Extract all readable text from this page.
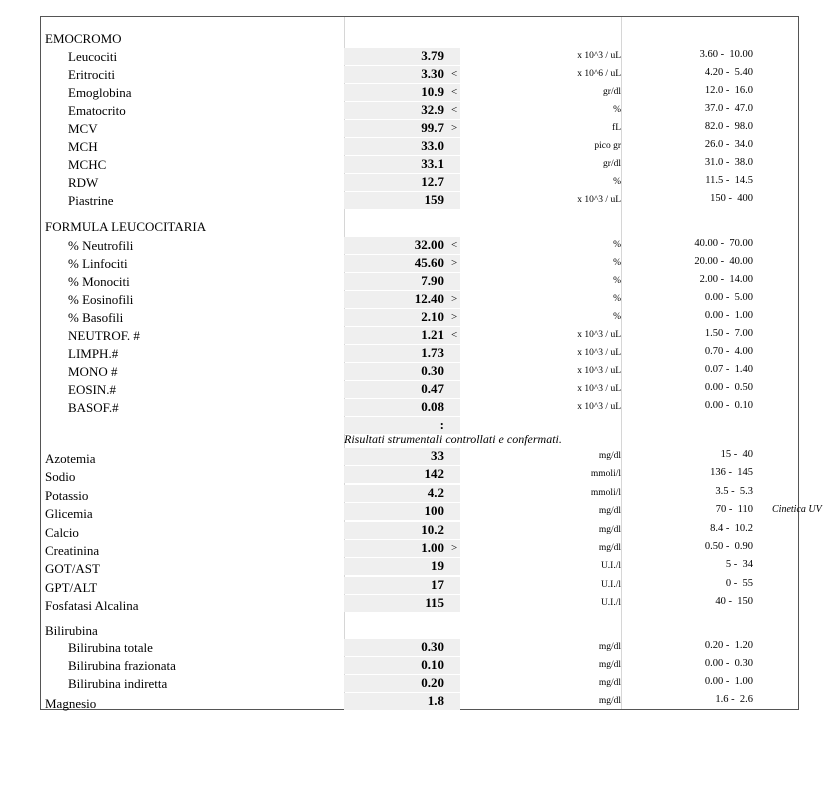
EMOCROMO
Leucociti	3.79	x 10^3 / uL	3.60 -  10.00
Eritrociti	3.30 <	x 10^6 / uL	4.20 -  5.40
Emoglobina	10.9 <	gr/dl	12.0 -  16.0
Ematocrito	32.9 <	%	37.0 -  47.0
MCV	99.7 >	fL	82.0 -  98.0
MCH	33.0	pico gr	26.0 -  34.0
MCHC	33.1	gr/dl	31.0 -  38.0
RDW	12.7	%	11.5 -  14.5
Piastrine	159	x 10^3 / uL	150 -  400
FORMULA LEUCOCITARIA
% Neutrofili	32.00 <	%	40.00 -  70.00
% Linfociti	45.60 >	%	20.00 -  40.00
% Monociti	7.90	%	2.00 -  14.00
% Eosinofili	12.40 >	%	0.00 -  5.00
% Basofili	2.10 >	%	0.00 -  1.00
NEUTROF. #	1.21 <	x 10^3 / uL	1.50 -  7.00
LIMPH.#	1.73	x 10^3 / uL	0.70 -  4.00
MONO #	0.30	x 10^3 / uL	0.07 -  1.40
EOSIN.#	0.47	x 10^3 / uL	0.00 -  0.50
BASOF.#	0.08	x 10^3 / uL	0.00 -  0.10
:
Risultati strumentali controllati e confermati.
Azotemia	33	mg/dl	15 -  40
Sodio	142	mmoli/l	136 -  145
Potassio	4.2	mmoli/l	3.5 -  5.3
Glicemia	100	mg/dl	70 -  110 Cinetica UV
Calcio	10.2	mg/dl	8.4 -  10.2
Creatinina	1.00 >	mg/dl	0.50 -  0.90
GOT/AST	19	U.I./l	5 -  34
GPT/ALT	17	U.I./l	0 -  55
Fosfatasi Alcalina	115	U.I./l	40 -  150
Bilirubina
Bilirubina totale	0.30	mg/dl	0.20 -  1.20
Bilirubina frazionata	0.10	mg/dl	0.00 -  0.30
Bilirubina indiretta	0.20	mg/dl	0.00 -  1.00
Magnesio	1.8	mg/dl	1.6 -  2.6
